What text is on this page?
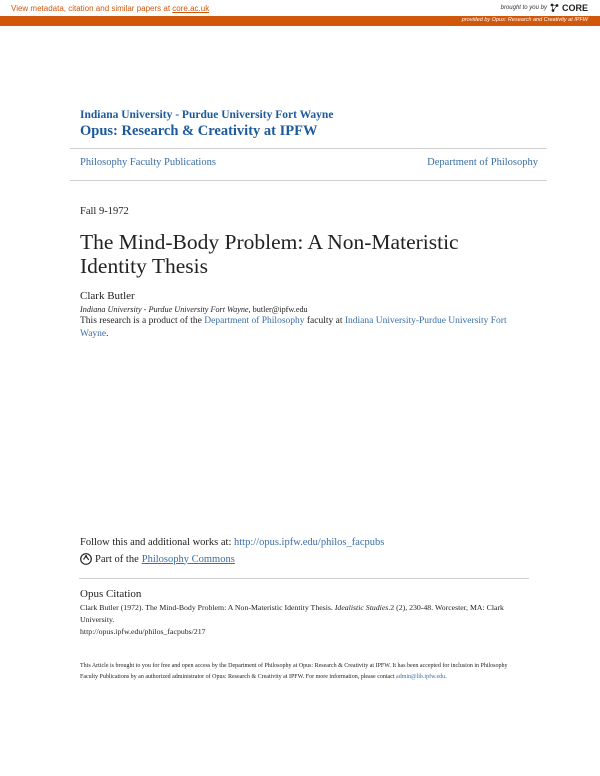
View metadata, citation and similar papers at core.ac.uk	brought to you by CORE
provided by Opus: Research and Creativity at IPFW

Indiana University - Purdue University Fort Wayne

Opus: Research & Creativity at IPFW

Philosophy Faculty Publications	Department of Philosophy
Fall 9-1972
The Mind-Body Problem: A Non-Materistic Identity Thesis
Clark Butler
Indiana University - Purdue University Fort Wayne, butler@ipfw.edu
This research is a product of the Department of Philosophy faculty at Indiana University-Purdue University Fort Wayne.
Follow this and additional works at: http://opus.ipfw.edu/philos_facpubs
Part of the Philosophy Commons
Opus Citation
Clark Butler (1972). The Mind-Body Problem: A Non-Materistic Identity Thesis. Idealistic Studies.2 (2), 230-48. Worcester, MA: Clark University.
http://opus.ipfw.edu/philos_facpubs/217
This Article is brought to you for free and open access by the Department of Philosophy at Opus: Research & Creativity at IPFW. It has been accepted for inclusion in Philosophy Faculty Publications by an authorized administrator of Opus: Research & Creativity at IPFW. For more information, please contact admin@lib.ipfw.edu.
